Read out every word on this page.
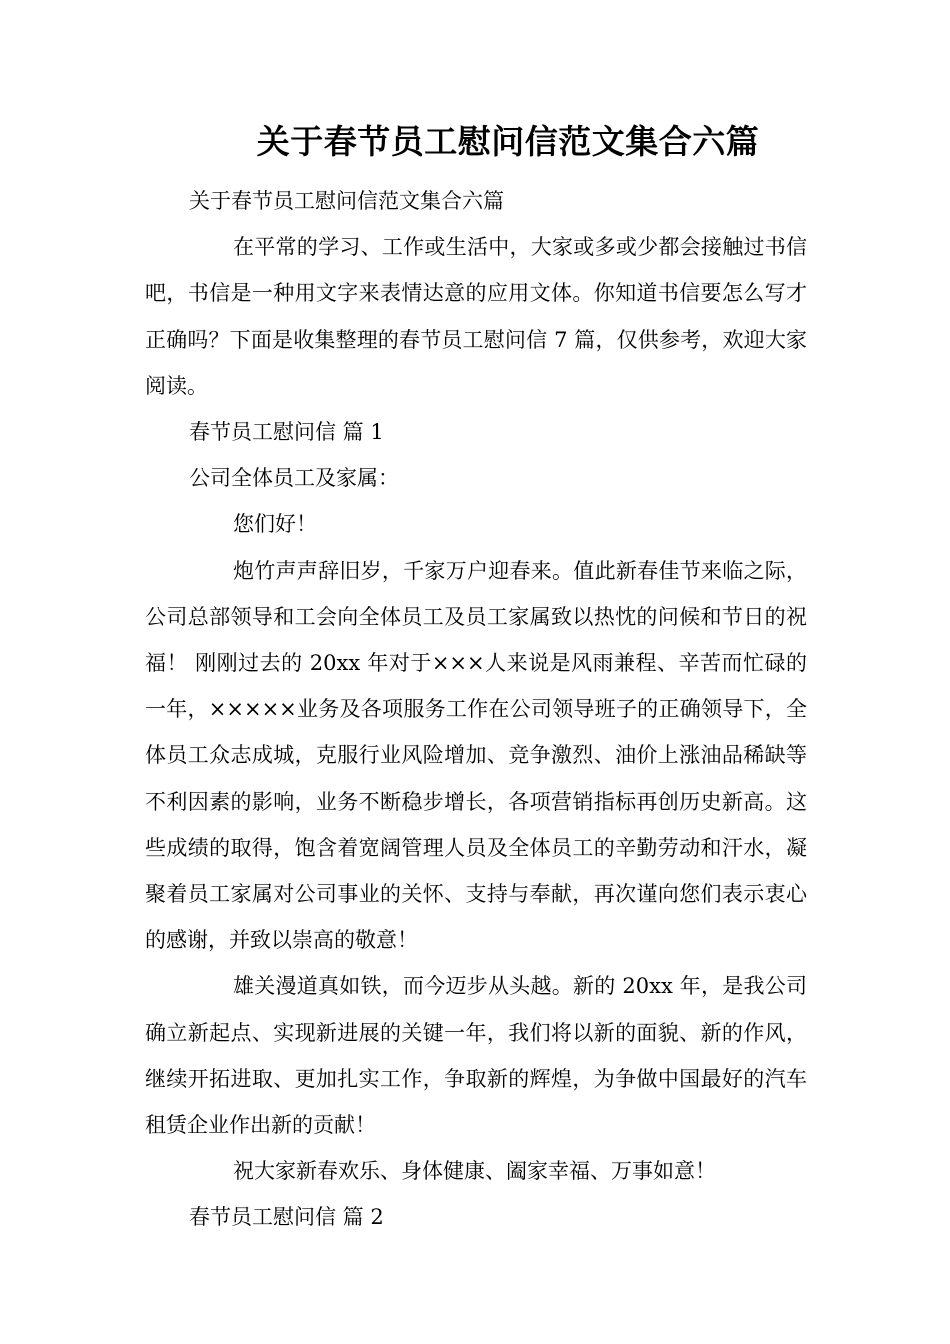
关于春节员工慰问信范文集合六篇

关于春节员工慰问信范文集合六篇

在平常的学习、工作或生活中，大家或多或少都会接触过书信吧，书信是一种用文字来表情达意的应用文体。你知道书信要怎么写才正确吗？下面是收集整理的春节员工慰问信 7 篇，仅供参考，欢迎大家阅读。

春节员工慰问信 篇 1

公司全体员工及家属：

您们好！

炮竹声声辞旧岁，千家万户迎春来。值此新春佳节来临之际，公司总部领导和工会向全体员工及员工家属致以热忱的问候和节日的祝福！ 刚刚过去的 20xx 年对于×××人来说是风雨兼程、辛苦而忙碌的一年，×××××业务及各项服务工作在公司领导班子的正确领导下，全体员工众志成城，克服行业风险增加、竞争激烈、油价上涨油品稀缺等不利因素的影响，业务不断稳步增长，各项营销指标再创历史新高。这些成绩的取得，饱含着宽阔管理人员及全体员工的辛勤劳动和汗水，凝聚着员工家属对公司事业的关怀、支持与奉献，再次谨向您们表示衷心的感谢，并致以崇高的敬意！

雄关漫道真如铁，而今迈步从头越。新的 20xx 年，是我公司确立新起点、实现新进展的关键一年，我们将以新的面貌、新的作风，继续开拓进取、更加扎实工作，争取新的辉煌，为争做中国最好的汽车租赁企业作出新的贡献！

祝大家新春欢乐、身体健康、阖家幸福、万事如意！

春节员工慰问信 篇 2
